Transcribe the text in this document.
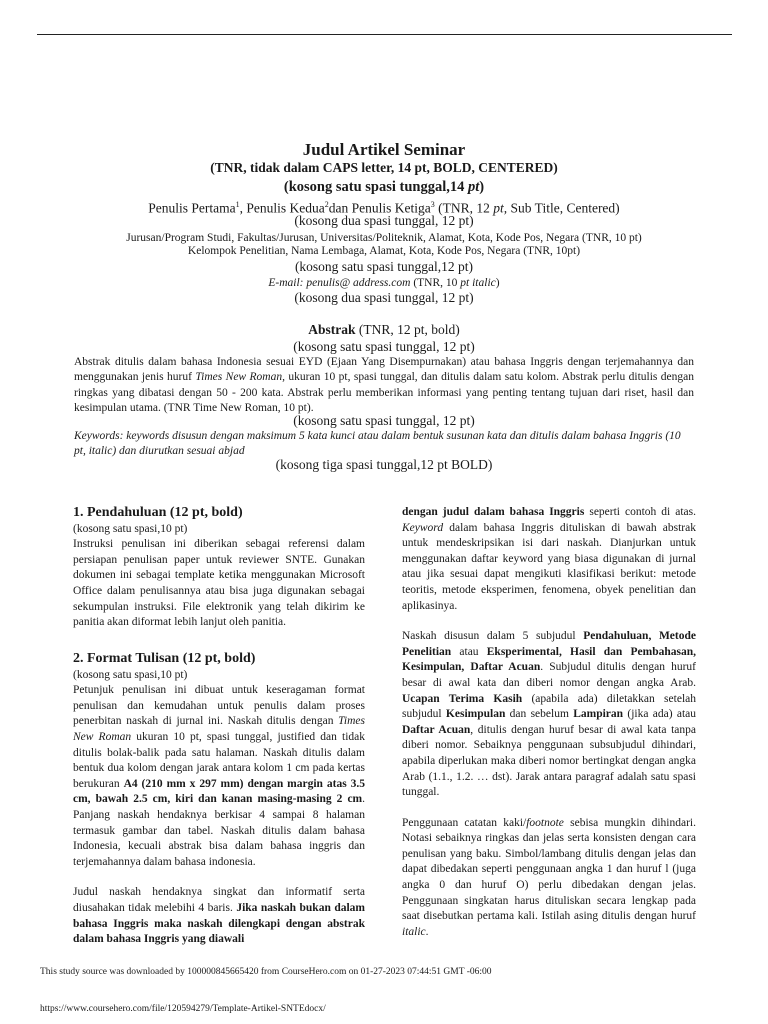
Judul Artikel Seminar
(TNR, tidak dalam CAPS letter, 14 pt, BOLD, CENTERED)
(kosong satu spasi tunggal,14 pt)
Penulis Pertama$^1$, Penulis Kedua$^2$dan Penulis Ketiga$^3$ (TNR, 12 pt, Sub Title, Centered)
(kosong dua spasi tunggal, 12 pt)
Jurusan/Program Studi, Fakultas/Jurusan, Universitas/Politeknik, Alamat, Kota, Kode Pos, Negara (TNR, 10 pt)
Kelompok Penelitian, Nama Lembaga, Alamat, Kota, Kode Pos, Negara (TNR, 10pt)
(kosong satu spasi tunggal,12 pt)
E-mail: penulis@ address.com (TNR, 10 pt italic)
(kosong dua spasi tunggal, 12 pt)
Abstrak (TNR, 12 pt, bold)
(kosong satu spasi tunggal, 12 pt)
Abstrak ditulis dalam bahasa Indonesia sesuai EYD (Ejaan Yang Disempurnakan) atau bahasa Inggris dengan terjemahannya dan menggunakan jenis huruf Times New Roman, ukuran 10 pt, spasi tunggal, dan ditulis dalam satu kolom. Abstrak perlu ditulis dengan ringkas yang dibatasi dengan 50 - 200 kata. Abstrak perlu memberikan informasi yang penting tentang tujuan dari riset, hasil dan kesimpulan utama. (TNR Time New Roman, 10 pt).
(kosong satu spasi tunggal, 12 pt)
Keywords: keywords disusun dengan maksimum 5 kata kunci atau dalam bentuk susunan kata dan ditulis dalam bahasa Inggris (10 pt, italic) dan diurutkan sesuai abjad
(kosong tiga spasi tunggal,12 pt BOLD)
1. Pendahuluan (12 pt, bold)

(kosong satu spasi,10 pt)

Instruksi penulisan ini diberikan sebagai referensi dalam persiapan penulisan paper untuk reviewer SNTE. Gunakan dokumen ini sebagai template ketika menggunakan Microsoft Office dalam penulisannya atau bisa juga digunakan sebagai sekumpulan instruksi. File elektronik yang telah dikirim ke panitia akan diformat lebih lanjut oleh panitia.

2. Format Tulisan (12 pt, bold)

(kosong satu spasi,10 pt)

Petunjuk penulisan ini dibuat untuk keseragaman format penulisan dan kemudahan untuk penulis dalam proses penerbitan naskah di jurnal ini. Naskah ditulis dengan Times New Roman ukuran 10 pt, spasi tunggal, justified dan tidak ditulis bolak-balik pada satu halaman. Naskah ditulis dalam bentuk dua kolom dengan jarak antara kolom 1 cm pada kertas berukuran A4 (210 mm x 297 mm) dengan margin atas 3.5 cm, bawah 2.5 cm, kiri dan kanan masing-masing 2 cm. Panjang naskah hendaknya berkisar 4 sampai 8 halaman termasuk gambar dan tabel. Naskah ditulis dalam bahasa Indonesia, kecuali abstrak bisa dalam bahasa inggris dan terjemahannya dalam bahasa indonesia.

Judul naskah hendaknya singkat dan informatif serta diusahakan tidak melebihi 4 baris. Jika naskah bukan dalam bahasa Inggris maka naskah dilengkapi dengan abstrak dalam bahasa Inggris yang diawali

dengan judul dalam bahasa Inggris seperti contoh di atas. Keyword dalam bahasa Inggris dituliskan di bawah abstrak untuk mendeskripsikan isi dari naskah. Dianjurkan untuk menggunakan daftar keyword yang biasa digunakan di jurnal atau jika sesuai dapat mengikuti klasifikasi berikut: metode teoritis, metode eksperimen, fenomena, obyek penelitian dan aplikasinya.

Naskah disusun dalam 5 subjudul Pendahuluan, Metode Penelitian atau Eksperimental, Hasil dan Pembahasan, Kesimpulan, Daftar Acuan. Subjudul ditulis dengan huruf besar di awal kata dan diberi nomor dengan angka Arab. Ucapan Terima Kasih (apabila ada) diletakkan setelah subjudul Kesimpulan dan sebelum Lampiran (jika ada) atau Daftar Acuan, ditulis dengan huruf besar di awal kata tanpa diberi nomor. Sebaiknya penggunaan subsubjudul dihindari, apabila diperlukan maka diberi nomor bertingkat dengan angka Arab (1.1., 1.2. … dst). Jarak antara paragraf adalah satu spasi tunggal.

Penggunaan catatan kaki/footnote sebisa mungkin dihindari. Notasi sebaiknya ringkas dan jelas serta konsisten dengan cara penulisan yang baku. Simbol/lambang ditulis dengan jelas dan dapat dibedakan seperti penggunaan angka 1 dan huruf l (juga angka 0 dan huruf O) perlu dibedakan dengan jelas. Penggunaan singkatan harus dituliskan secara lengkap pada saat disebutkan pertama kali. Istilah asing ditulis dengan huruf italic.

This study source was downloaded by 100000845665420 from CourseHero.com on 01-27-2023 07:44:51 GMT -06:00
https://www.coursehero.com/file/120594279/Template-Artikel-SNTEdocx/
